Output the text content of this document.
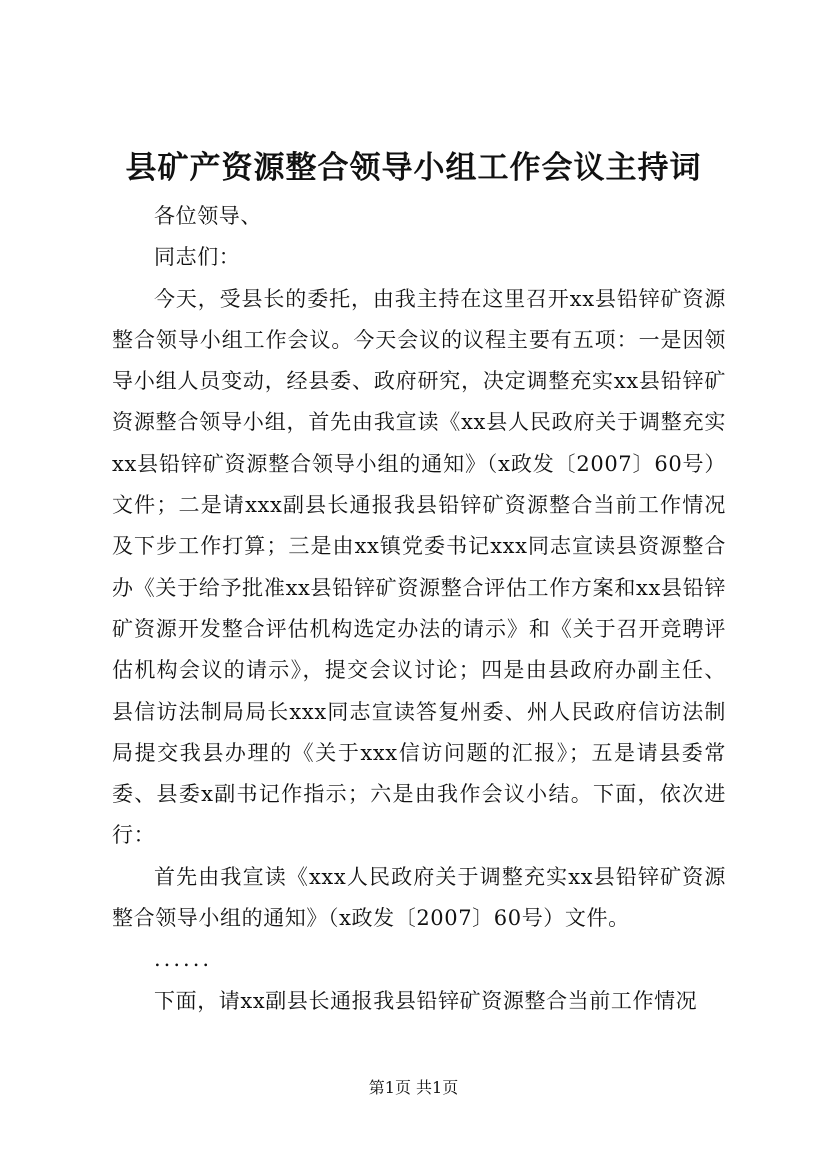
县矿产资源整合领导小组工作会议主持词

各位领导、

同志们：

今天，受县长的委托，由我主持在这里召开xx县铅锌矿资源整合领导小组工作会议。今天会议的议程主要有五项：一是因领导小组人员变动，经县委、政府研究，决定调整充实xx县铅锌矿资源整合领导小组，首先由我宣读《xx县人民政府关于调整充实xx县铅锌矿资源整合领导小组的通知》（x政发〔2007〕60号）文件；二是请xxx副县长通报我县铅锌矿资源整合当前工作情况及下步工作打算；三是由xx镇党委书记xxx同志宣读县资源整合办《关于给予批准xx县铅锌矿资源整合评估工作方案和xx县铅锌矿资源开发整合评估机构选定办法的请示》和《关于召开竞聘评估机构会议的请示》，提交会议讨论；四是由县政府办副主任、县信访法制局局长xxx同志宣读答复州委、州人民政府信访法制局提交我县办理的《关于xxx信访问题的汇报》；五是请县委常委、县委x副书记作指示；六是由我作会议小结。下面，依次进行：

首先由我宣读《xxx人民政府关于调整充实xx县铅锌矿资源整合领导小组的通知》（x政发〔2007〕60号）文件。

......

下面，请xx副县长通报我县铅锌矿资源整合当前工作情况

第1页 共1页
